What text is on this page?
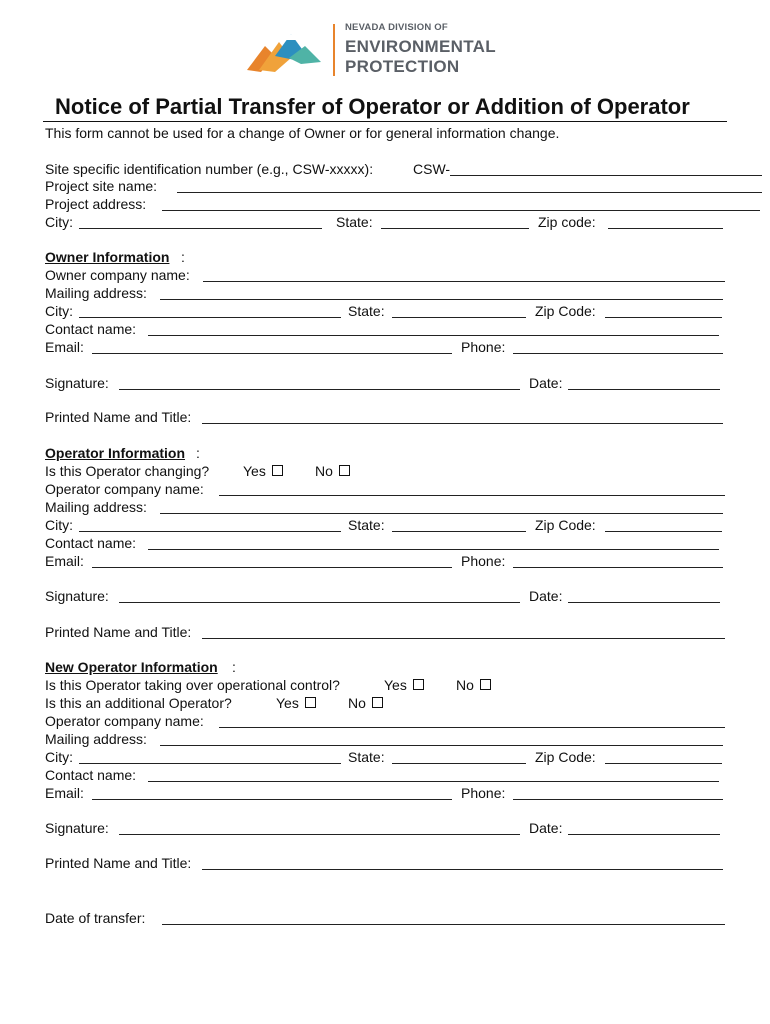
NEVADA DIVISION OF
ENVIRONMENTAL
PROTECTION
Notice of Partial Transfer of Operator or Addition of Operator
This form cannot be used for a change of Owner or for general information change.
Site specific identification number (e.g., CSW-xxxxx):	CSW-
Project site name:
Project address:
City:	State:	Zip code:
Owner Information :
Owner company name:
Mailing address:
City:	State:	Zip Code:
Contact name:
Email:	Phone:
Signature:	Date:
Printed Name and Title:
Operator Information :
Is this Operator changing? Yes	No
Operator company name:
Mailing address:
City:	State:	Zip Code:
Contact name:
Email:	Phone:
Signature:	Date:
Printed Name and Title:
New Operator Information :
Is this Operator taking over operational control?	Yes	No
Is this an additional Operator?	Yes	No
Operator company name:
Mailing address:
City:	State:	Zip Code:
Contact name:
Email:	Phone:
Signature:	Date:
Printed Name and Title:
Date of transfer:
